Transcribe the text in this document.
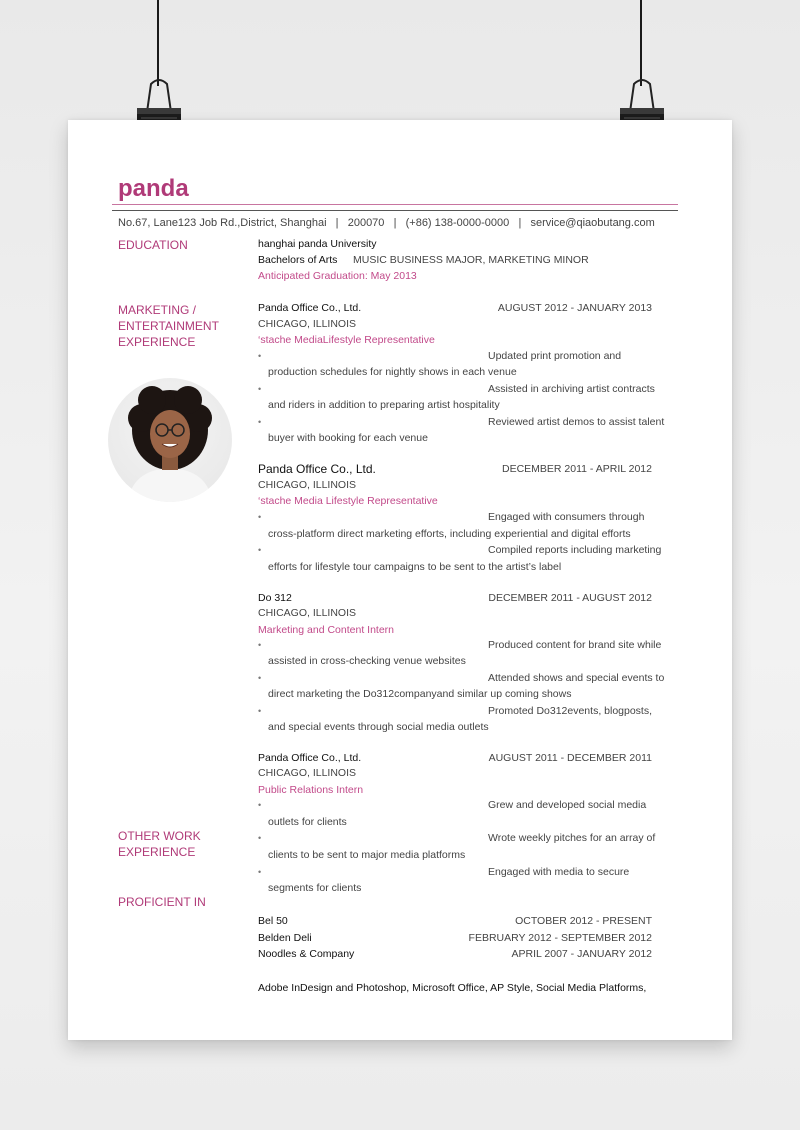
panda
No.67, Lane123 Job Rd.,District, Shanghai   |   200070   |   (+86) 138-0000-0000   |   service@qiaobutang.com
EDUCATION
MARKETING / ENTERTAINMENT EXPERIENCE
OTHER WORK EXPERIENCE
PROFICIENT IN
hanghai panda University
Bachelors of Arts MUSIC BUSINESS MAJOR, MARKETING MINOR
Anticipated Graduation: May 2013
Panda Office Co., Ltd.	AUGUST 2012 - JANUARY 2013
CHICAGO, ILLINOIS
‘stache MediaLifestyle Representative
•	Updated print promotion and
production schedules for nightly shows in each venue
•	Assisted in archiving artist contracts
and riders in addition to preparing artist hospitality
•	Reviewed artist demos to assist talent
buyer with booking for each venue
Panda Office Co., Ltd.	DECEMBER 2011 - APRIL 2012
CHICAGO, ILLINOIS
‘stache Media Lifestyle Representative
•	Engaged with consumers through
cross-platform direct marketing efforts, including experiential and digital efforts
•	Compiled reports including marketing
efforts for lifestyle tour campaigns to be sent to the artist’s label
Do 312	DECEMBER 2011 - AUGUST 2012
CHICAGO, ILLINOIS
Marketing and Content Intern
•	Produced content for brand site while
assisted in cross-checking venue websites
•	Attended shows and special events to
direct marketing the Do312companyand similar up coming shows
•	Promoted Do312events, blogposts,
and special events through social media outlets
Panda Office Co., Ltd.	AUGUST 2011 - DECEMBER 2011
CHICAGO, ILLINOIS
Public Relations Intern
•	Grew and developed social media
outlets for clients
•	Wrote weekly pitches for an array of
clients to be sent to major media platforms
•	Engaged with media to secure
segments for clients
Bel 50	OCTOBER 2012 - PRESENT
Belden Deli	FEBRUARY 2012 - SEPTEMBER 2012
Noodles & Company	APRIL 2007 - JANUARY 2012
Adobe InDesign and Photoshop, Microsoft Office, AP Style, Social Media Platforms,
